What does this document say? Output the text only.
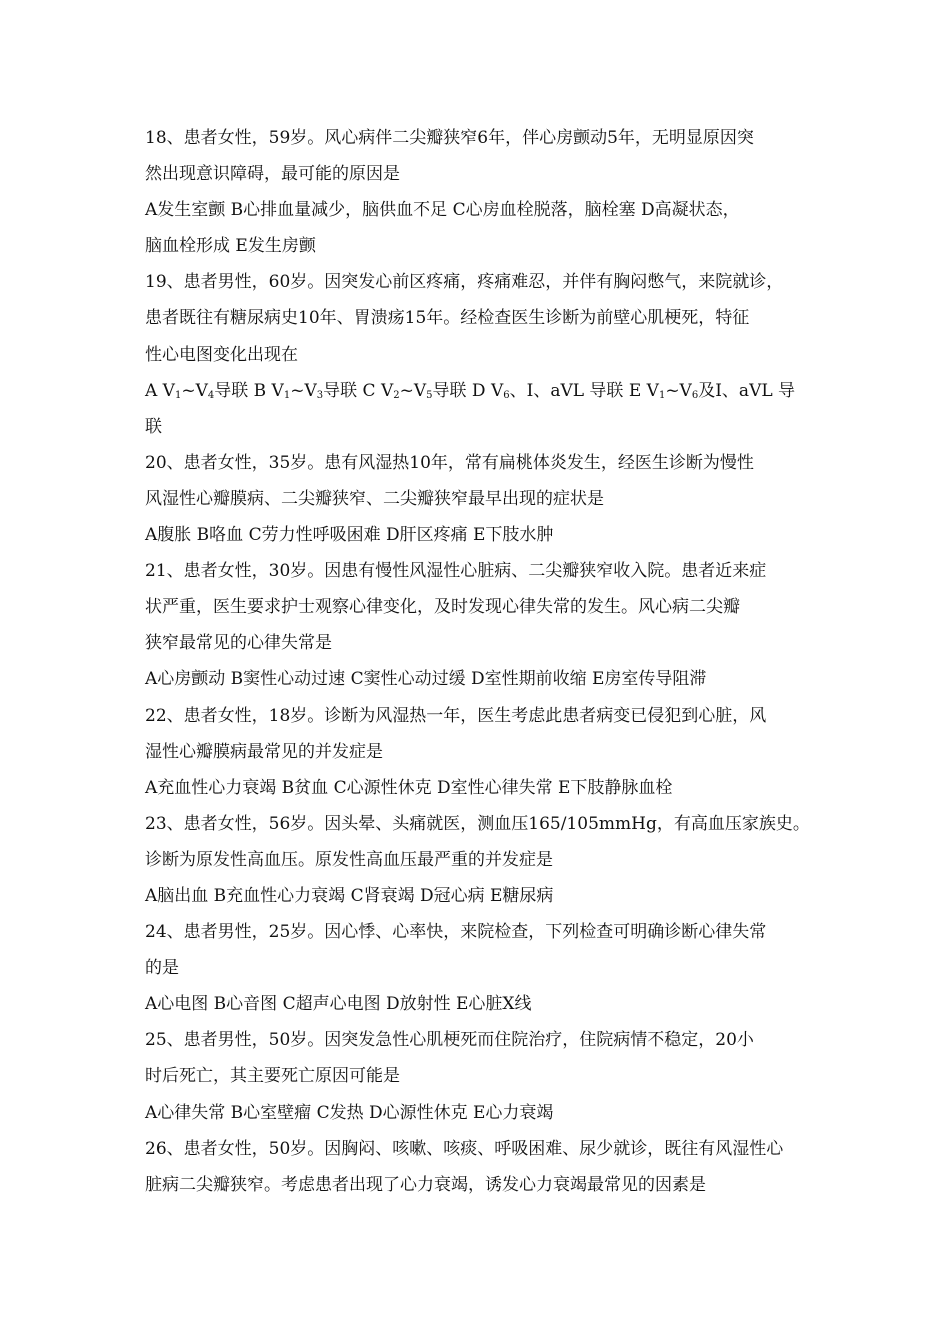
18、患者女性，59岁。风心病伴二尖瓣狭窄6年，伴心房颤动5年，无明显原因突
然出现意识障碍，最可能的原因是
A发生室颤 B心排血量减少，脑供血不足 C心房血栓脱落，脑栓塞 D高凝状态，
脑血栓形成 E发生房颤
19、患者男性，60岁。因突发心前区疼痛，疼痛难忍，并伴有胸闷憋气，来院就诊，
患者既往有糖尿病史10年、胃溃疡15年。经检查医生诊断为前壁心肌梗死，特征
性心电图变化出现在
A $V_1\sim V_4$导联 B $V_1\sim V_3$导联 C $V_2\sim V_5$导联 D $V_6$、Ⅰ、aVL 导联 E $V_1\sim V_6$及Ⅰ、aVL 导
联
20、患者女性，35岁。患有风湿热10年，常有扁桃体炎发生，经医生诊断为慢性
风湿性心瓣膜病、二尖瓣狭窄、二尖瓣狭窄最早出现的症状是
A腹胀 B咯血 C劳力性呼吸困难 D肝区疼痛 E下肢水肿
21、患者女性，30岁。因患有慢性风湿性心脏病、二尖瓣狭窄收入院。患者近来症
状严重，医生要求护士观察心律变化，及时发现心律失常的发生。风心病二尖瓣
狭窄最常见的心律失常是
A心房颤动 B窦性心动过速 C窦性心动过缓 D室性期前收缩 E房室传导阻滞
22、患者女性，18岁。诊断为风湿热一年，医生考虑此患者病变已侵犯到心脏，风
湿性心瓣膜病最常见的并发症是
A充血性心力衰竭 B贫血 C心源性休克 D室性心律失常 E下肢静脉血栓
23、患者女性，56岁。因头晕、头痛就医，测血压165/105mmHg，有高血压家族史。
诊断为原发性高血压。原发性高血压最严重的并发症是
A脑出血 B充血性心力衰竭 C肾衰竭 D冠心病 E糖尿病
24、患者男性，25岁。因心悸、心率快，来院检查，下列检查可明确诊断心律失常
的是
A心电图 B心音图 C超声心电图 D放射性 E心脏X线
25、患者男性，50岁。因突发急性心肌梗死而住院治疗，住院病情不稳定，20小
时后死亡，其主要死亡原因可能是
A心律失常 B心室壁瘤 C发热 D心源性休克 E心力衰竭
26、患者女性，50岁。因胸闷、咳嗽、咳痰、呼吸困难、尿少就诊，既往有风湿性心
脏病二尖瓣狭窄。考虑患者出现了心力衰竭，诱发心力衰竭最常见的因素是
